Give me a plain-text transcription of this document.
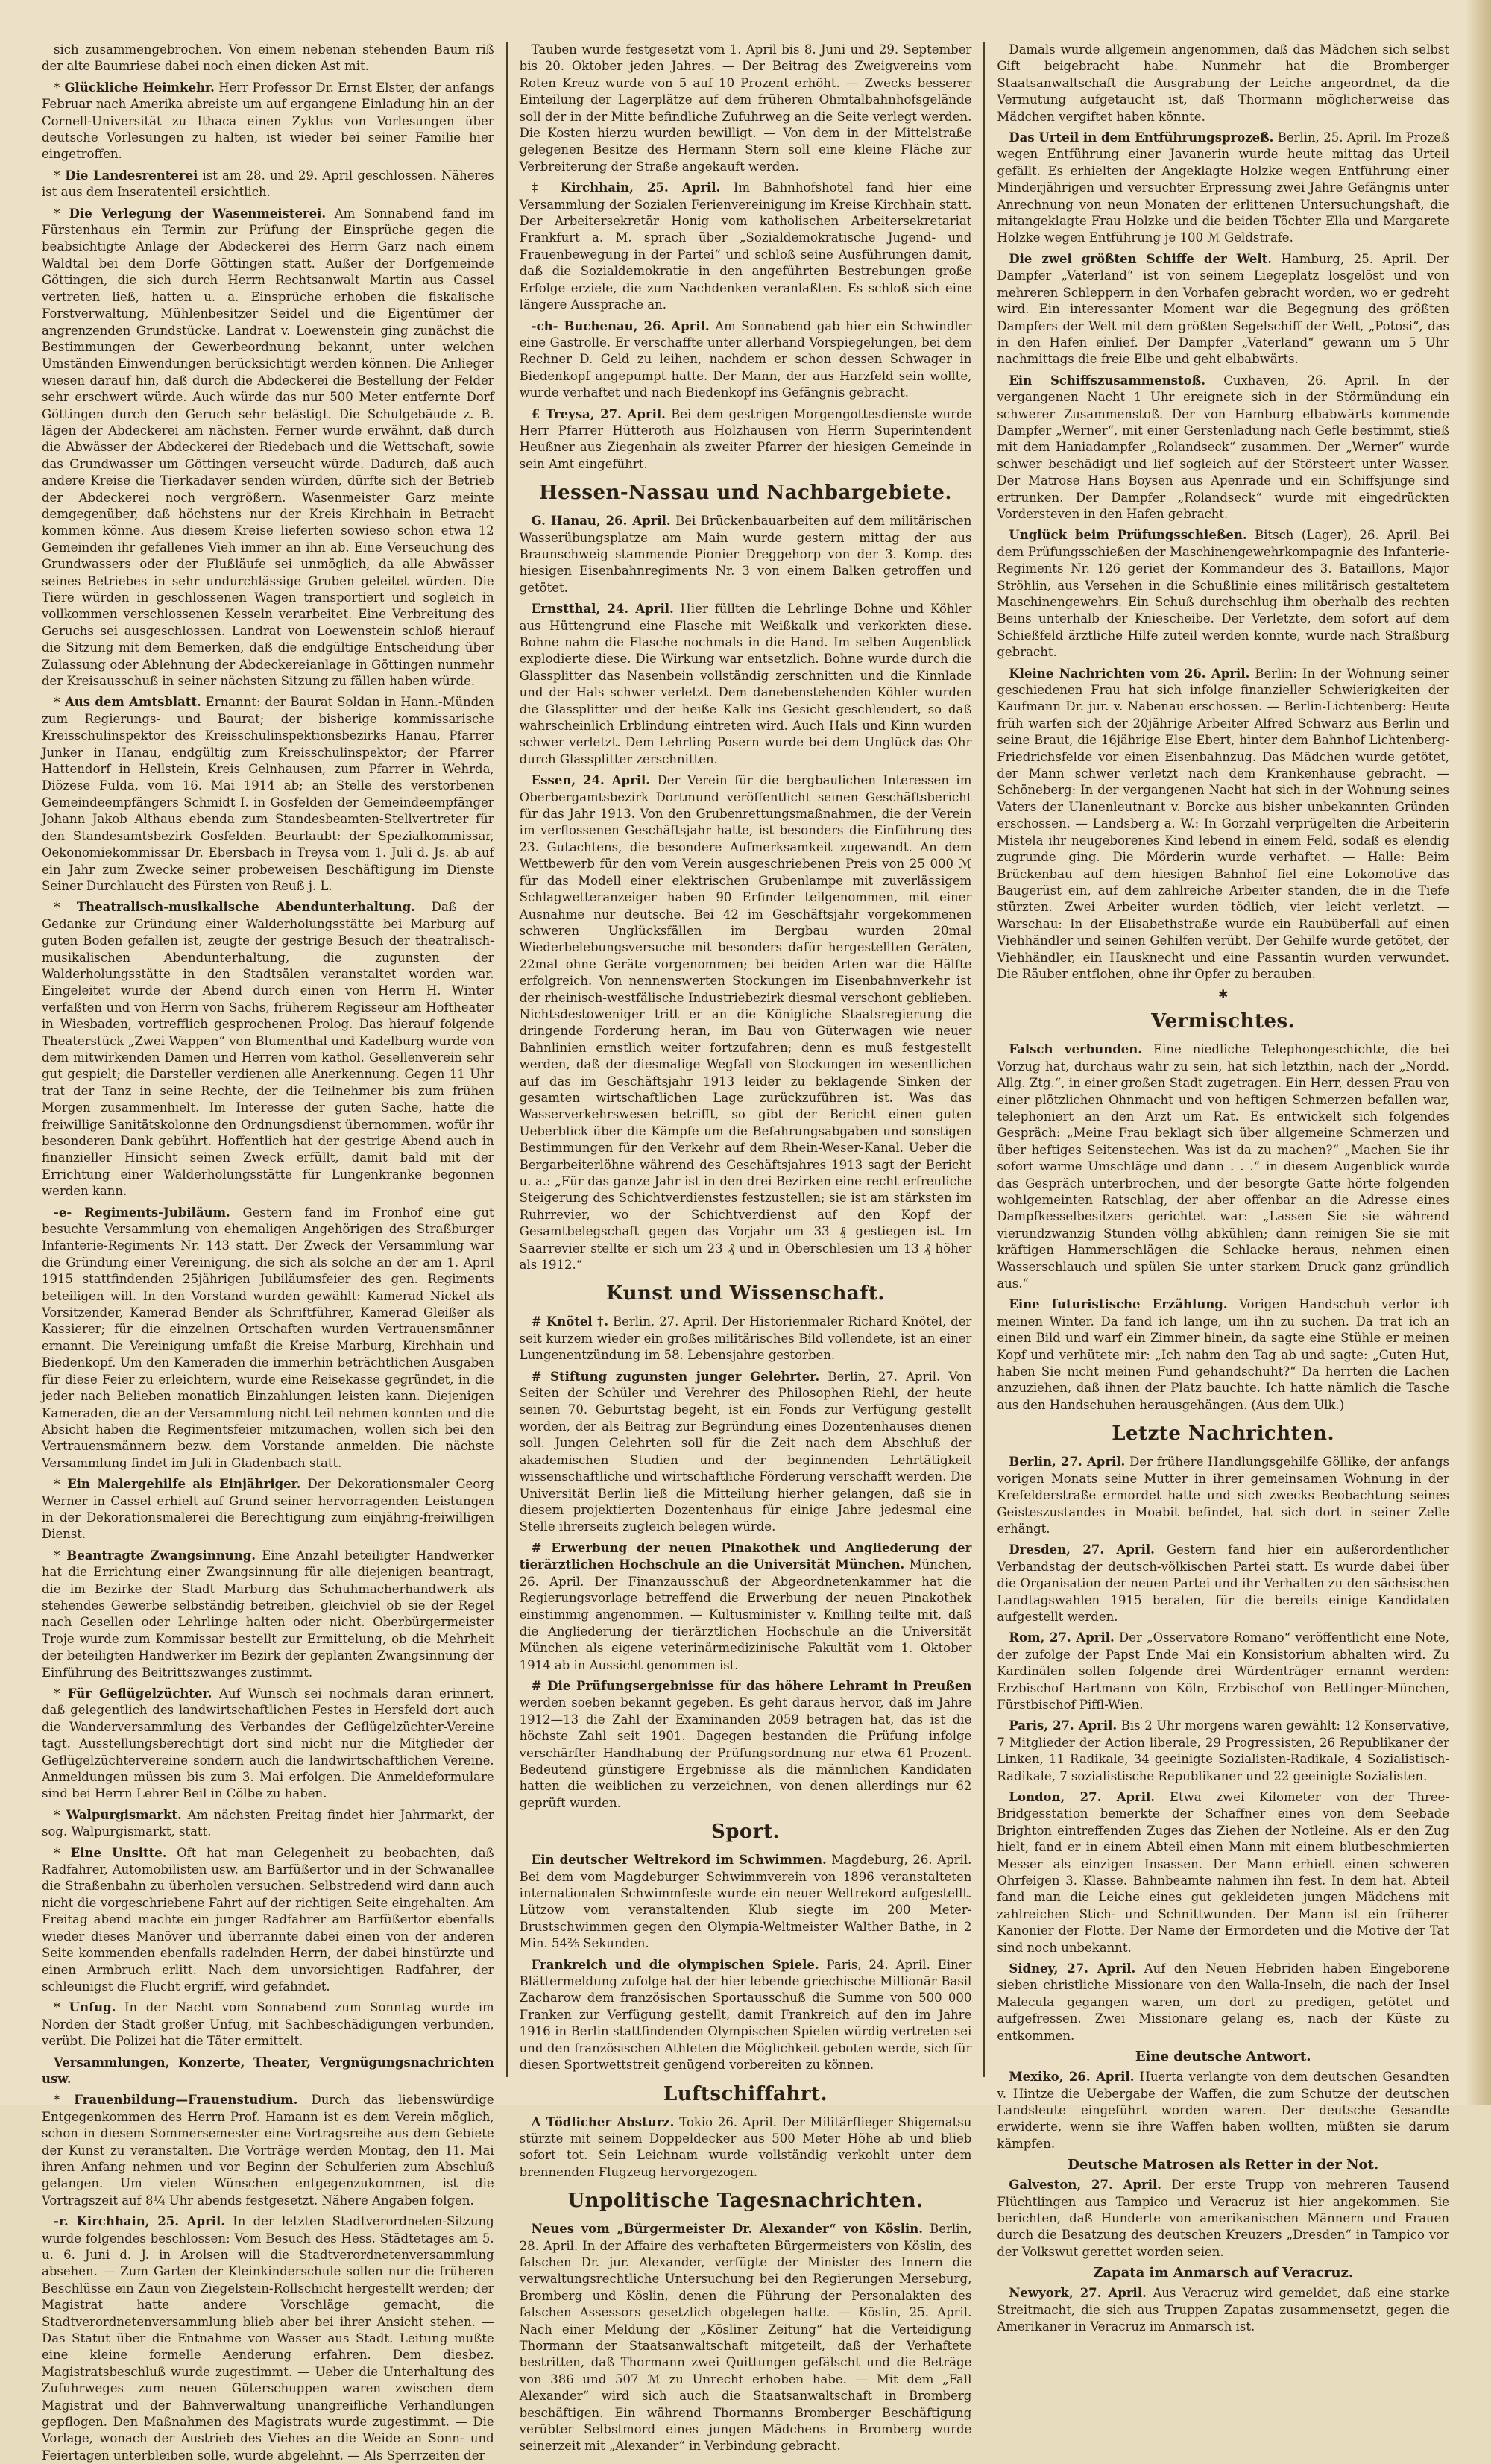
sich zusammengebrochen. Von einem nebenan stehenden Baum riß der alte Baumriese dabei noch einen dicken Ast mit.

* Glückliche Heimkehr. Herr Professor Dr. Ernst Elster, der anfangs Februar nach Amerika abreiste um auf ergangene Einladung hin an der Cornell-Universität zu Ithaca einen Zyklus von Vorlesungen über deutsche Vorlesungen zu halten, ist wieder bei seiner Familie hier eingetroffen.

* Die Landesrenterei ist am 28. und 29. April geschlossen. Näheres ist aus dem Inseratenteil ersichtlich.

* Die Verlegung der Wasenmeisterei. Am Sonnabend fand im Fürstenhaus ein Termin zur Prüfung der Einsprüche gegen die beabsichtigte Anlage der Abdeckerei des Herrn Garz nach einem Waldtal bei dem Dorfe Göttingen statt. Außer der Dorfgemeinde Göttingen, die sich durch Herrn Rechtsanwalt Martin aus Cassel vertreten ließ, hatten u. a. Einsprüche erhoben die fiskalische Forstverwaltung, Mühlenbesitzer Seidel und die Eigentümer der angrenzenden Grundstücke. Landrat v. Loewenstein ging zunächst die Bestimmungen der Gewerbeordnung bekannt, unter welchen Umständen Einwendungen berücksichtigt werden können. Die Anlieger wiesen darauf hin, daß durch die Abdeckerei die Bestellung der Felder sehr erschwert würde. Auch würde das nur 500 Meter entfernte Dorf Göttingen durch den Geruch sehr belästigt. Die Schulgebäude z. B. lägen der Abdeckerei am nächsten. Ferner wurde erwähnt, daß durch die Abwässer der Abdeckerei der Riedebach und die Wettschaft, sowie das Grundwasser um Göttingen verseucht würde. Dadurch, daß auch andere Kreise die Tierkadaver senden würden, dürfte sich der Betrieb der Abdeckerei noch vergrößern. Wasenmeister Garz meinte demgegenüber, daß höchstens nur der Kreis Kirchhain in Betracht kommen könne. Aus diesem Kreise lieferten sowieso schon etwa 12 Gemeinden ihr gefallenes Vieh immer an ihn ab. Eine Verseuchung des Grundwassers oder der Flußläufe sei unmöglich, da alle Abwässer seines Betriebes in sehr undurchlässige Gruben geleitet würden. Die Tiere würden in geschlossenen Wagen transportiert und sogleich in vollkommen verschlossenen Kesseln verarbeitet. Eine Verbreitung des Geruchs sei ausgeschlossen. Landrat von Loewenstein schloß hierauf die Sitzung mit dem Bemerken, daß die endgültige Entscheidung über Zulassung oder Ablehnung der Abdeckereianlage in Göttingen nunmehr der Kreisausschuß in seiner nächsten Sitzung zu fällen haben würde.

* Aus dem Amtsblatt. Ernannt: der Baurat Soldan in Hann.-Münden zum Regierungs- und Baurat; der bisherige kommissarische Kreisschulinspektor des Kreisschulinspektionsbezirks Hanau, Pfarrer Junker in Hanau, endgültig zum Kreisschulinspektor; der Pfarrer Hattendorf in Hellstein, Kreis Gelnhausen, zum Pfarrer in Wehrda, Diözese Fulda, vom 16. Mai 1914 ab; an Stelle des verstorbenen Gemeindeempfängers Schmidt I. in Gosfelden der Gemeindeempfänger Johann Jakob Althaus ebenda zum Standesbeamten-Stellvertreter für den Standesamtsbezirk Gosfelden. Beurlaubt: der Spezialkommissar, Oekonomiekommissar Dr. Ebersbach in Treysa vom 1. Juli d. Js. ab auf ein Jahr zum Zwecke seiner probeweisen Beschäftigung im Dienste Seiner Durchlaucht des Fürsten von Reuß j. L.

* Theatralisch-musikalische Abendunterhaltung. Daß der Gedanke zur Gründung einer Walderholungsstätte bei Marburg auf guten Boden gefallen ist, zeugte der gestrige Besuch der theatralisch-musikalischen Abendunterhaltung, die zugunsten der Walderholungsstätte in den Stadtsälen veranstaltet worden war. Eingeleitet wurde der Abend durch einen von Herrn H. Winter verfaßten und von Herrn von Sachs, früherem Regisseur am Hoftheater in Wiesbaden, vortrefflich gesprochenen Prolog. Das hierauf folgende Theaterstück „Zwei Wappen“ von Blumenthal und Kadelburg wurde von dem mitwirkenden Damen und Herren vom kathol. Gesellenverein sehr gut gespielt; die Darsteller verdienen alle Anerkennung. Gegen 11 Uhr trat der Tanz in seine Rechte, der die Teilnehmer bis zum frühen Morgen zusammenhielt. Im Interesse der guten Sache, hatte die freiwillige Sanitätskolonne den Ordnungsdienst übernommen, wofür ihr besonderen Dank gebührt. Hoffentlich hat der gestrige Abend auch in finanzieller Hinsicht seinen Zweck erfüllt, damit bald mit der Errichtung einer Walderholungsstätte für Lungenkranke begonnen werden kann.

-e- Regiments-Jubiläum. Gestern fand im Fronhof eine gut besuchte Versammlung von ehemaligen Angehörigen des Straßburger Infanterie-Regiments Nr. 143 statt. Der Zweck der Versammlung war die Gründung einer Vereinigung, die sich als solche an der am 1. April 1915 stattfindenden 25jährigen Jubiläumsfeier des gen. Regiments beteiligen will. In den Vorstand wurden gewählt: Kamerad Nickel als Vorsitzender, Kamerad Bender als Schriftführer, Kamerad Gleißer als Kassierer; für die einzelnen Ortschaften wurden Vertrauensmänner ernannt. Die Vereinigung umfaßt die Kreise Marburg, Kirchhain und Biedenkopf. Um den Kameraden die immerhin beträchtlichen Ausgaben für diese Feier zu erleichtern, wurde eine Reisekasse gegründet, in die jeder nach Belieben monatlich Einzahlungen leisten kann. Diejenigen Kameraden, die an der Versammlung nicht teil nehmen konnten und die Absicht haben die Regimentsfeier mitzumachen, wollen sich bei den Vertrauensmännern bezw. dem Vorstande anmelden. Die nächste Versammlung findet im Juli in Gladenbach statt.

* Ein Malergehilfe als Einjähriger. Der Dekorationsmaler Georg Werner in Cassel erhielt auf Grund seiner hervorragenden Leistungen in der Dekorationsmalerei die Berechtigung zum einjährig-freiwilligen Dienst.

* Beantragte Zwangsinnung. Eine Anzahl beteiligter Handwerker hat die Errichtung einer Zwangsinnung für alle diejenigen beantragt, die im Bezirke der Stadt Marburg das Schuhmacherhandwerk als stehendes Gewerbe selbständig betreiben, gleichviel ob sie der Regel nach Gesellen oder Lehrlinge halten oder nicht. Oberbürgermeister Troje wurde zum Kommissar bestellt zur Ermittelung, ob die Mehrheit der beteiligten Handwerker im Bezirk der geplanten Zwangsinnung der Einführung des Beitrittszwanges zustimmt.

* Für Geflügelzüchter. Auf Wunsch sei nochmals daran erinnert, daß gelegentlich des landwirtschaftlichen Festes in Hersfeld dort auch die Wanderversammlung des Verbandes der Geflügelzüchter-Vereine tagt. Ausstellungsberechtigt dort sind nicht nur die Mitglieder der Geflügelzüchtervereine sondern auch die landwirtschaftlichen Vereine. Anmeldungen müssen bis zum 3. Mai erfolgen. Die Anmeldeformulare sind bei Herrn Lehrer Beil in Cölbe zu haben.

* Walpurgismarkt. Am nächsten Freitag findet hier Jahrmarkt, der sog. Walpurgismarkt, statt.

* Eine Unsitte. Oft hat man Gelegenheit zu beobachten, daß Radfahrer, Automobilisten usw. am Barfüßertor und in der Schwanallee die Straßenbahn zu überholen versuchen. Selbstredend wird dann auch nicht die vorgeschriebene Fahrt auf der richtigen Seite eingehalten. Am Freitag abend machte ein junger Radfahrer am Barfüßertor ebenfalls wieder dieses Manöver und überrannte dabei einen von der anderen Seite kommenden ebenfalls radelnden Herrn, der dabei hinstürzte und einen Armbruch erlitt. Nach dem unvorsichtigen Radfahrer, der schleunigst die Flucht ergriff, wird gefahndet.

* Unfug. In der Nacht vom Sonnabend zum Sonntag wurde im Norden der Stadt großer Unfug, mit Sachbeschädigungen verbunden, verübt. Die Polizei hat die Täter ermittelt.

Versammlungen, Konzerte, Theater, Vergnügungsnachrichten usw.

* Frauenbildung—Frauenstudium. Durch das liebenswürdige Entgegenkommen des Herrn Prof. Hamann ist es dem Verein möglich, schon in diesem Sommersemester eine Vortragsreihe aus dem Gebiete der Kunst zu veranstalten. Die Vorträge werden Montag, den 11. Mai ihren Anfang nehmen und vor Beginn der Schulferien zum Abschluß gelangen. Um vielen Wünschen entgegenzukommen, ist die Vortragszeit auf 8¼ Uhr abends festgesetzt. Nähere Angaben folgen.

-r. Kirchhain, 25. April. In der letzten Stadtverordneten-Sitzung wurde folgendes beschlossen: Vom Besuch des Hess. Städtetages am 5. u. 6. Juni d. J. in Arolsen will die Stadtverordnetenversammlung absehen. — Zum Garten der Kleinkinderschule sollen nur die früheren Beschlüsse ein Zaun von Ziegelstein-Rollschicht hergestellt werden; der Magistrat hatte andere Vorschläge gemacht, die Stadtverordnetenversammlung blieb aber bei ihrer Ansicht stehen. — Das Statut über die Entnahme von Wasser aus Stadt. Leitung mußte eine kleine formelle Aenderung erfahren. Dem diesbez. Magistratsbeschluß wurde zugestimmt. — Ueber die Unterhaltung des Zufuhrweges zum neuen Güterschuppen waren zwischen dem Magistrat und der Bahnverwaltung unangreifliche Verhandlungen gepflogen. Den Maßnahmen des Magistrats wurde zugestimmt. — Die Vorlage, wonach der Austrieb des Viehes an die Weide an Sonn- und Feiertagen unterbleiben solle, wurde abgelehnt. — Als Sperrzeiten der

Tauben wurde festgesetzt vom 1. April bis 8. Juni und 29. September bis 20. Oktober jeden Jahres. — Der Beitrag des Zweigvereins vom Roten Kreuz wurde von 5 auf 10 Prozent erhöht. — Zwecks besserer Einteilung der Lagerplätze auf dem früheren Ohmtalbahnhofsgelände soll der in der Mitte befindliche Zufuhrweg an die Seite verlegt werden. Die Kosten hierzu wurden bewilligt. — Von dem in der Mittelstraße gelegenen Besitze des Hermann Stern soll eine kleine Fläche zur Verbreiterung der Straße angekauft werden.

‡ Kirchhain, 25. April. Im Bahnhofshotel fand hier eine Versammlung der Sozialen Ferienvereinigung im Kreise Kirchhain statt. Der Arbeitersekretär Honig vom katholischen Arbeitersekretariat Frankfurt a. M. sprach über „Sozialdemokratische Jugend- und Frauenbewegung in der Partei“ und schloß seine Ausführungen damit, daß die Sozialdemokratie in den angeführten Bestrebungen große Erfolge erziele, die zum Nachdenken veranlaßten. Es schloß sich eine längere Aussprache an.

-ch- Buchenau, 26. April. Am Sonnabend gab hier ein Schwindler eine Gastrolle. Er verschaffte unter allerhand Vorspiegelungen, bei dem Rechner D. Geld zu leihen, nachdem er schon dessen Schwager in Biedenkopf angepumpt hatte. Der Mann, der aus Harzfeld sein wollte, wurde verhaftet und nach Biedenkopf ins Gefängnis gebracht.

£ Treysa, 27. April. Bei dem gestrigen Morgengottesdienste wurde Herr Pfarrer Hütteroth aus Holzhausen von Herrn Superintendent Heußner aus Ziegenhain als zweiter Pfarrer der hiesigen Gemeinde in sein Amt eingeführt.

Hessen-Nassau und Nachbargebiete.

G. Hanau, 26. April. Bei Brückenbauarbeiten auf dem militärischen Wasserübungsplatze am Main wurde gestern mittag der aus Braunschweig stammende Pionier Dreggehorp von der 3. Komp. des hiesigen Eisenbahnregiments Nr. 3 von einem Balken getroffen und getötet.

Ernstthal, 24. April. Hier füllten die Lehrlinge Bohne und Köhler aus Hüttengrund eine Flasche mit Weißkalk und verkorkten diese. Bohne nahm die Flasche nochmals in die Hand. Im selben Augenblick explodierte diese. Die Wirkung war entsetzlich. Bohne wurde durch die Glassplitter das Nasenbein vollständig zerschnitten und die Kinnlade und der Hals schwer verletzt. Dem danebenstehenden Köhler wurden die Glassplitter und der heiße Kalk ins Gesicht geschleudert, so daß wahrscheinlich Erblindung eintreten wird. Auch Hals und Kinn wurden schwer verletzt. Dem Lehrling Posern wurde bei dem Unglück das Ohr durch Glassplitter zerschnitten.

Essen, 24. April. Der Verein für die bergbaulichen Interessen im Oberbergamtsbezirk Dortmund veröffentlicht seinen Geschäftsbericht für das Jahr 1913. Von den Grubenrettungsmaßnahmen, die der Verein im verflossenen Geschäftsjahr hatte, ist besonders die Einführung des 23. Gutachtens, die besondere Aufmerksamkeit zugewandt. An dem Wettbewerb für den vom Verein ausgeschriebenen Preis von 25 000 ℳ für das Modell einer elektrischen Grubenlampe mit zuverlässigem Schlagwetteranzeiger haben 90 Erfinder teilgenommen, mit einer Ausnahme nur deutsche. Bei 42 im Geschäftsjahr vorgekommenen schweren Unglücksfällen im Bergbau wurden 20mal Wiederbelebungsversuche mit besonders dafür hergestellten Geräten, 22mal ohne Geräte vorgenommen; bei beiden Arten war die Hälfte erfolgreich. Von nennenswerten Stockungen im Eisenbahnverkehr ist der rheinisch-westfälische Industriebezirk diesmal verschont geblieben. Nichtsdestoweniger tritt er an die Königliche Staatsregierung die dringende Forderung heran, im Bau von Güterwagen wie neuer Bahnlinien ernstlich weiter fortzufahren; denn es muß festgestellt werden, daß der diesmalige Wegfall von Stockungen im wesentlichen auf das im Geschäftsjahr 1913 leider zu beklagende Sinken der gesamten wirtschaftlichen Lage zurückzuführen ist. Was das Wasserverkehrswesen betrifft, so gibt der Bericht einen guten Ueberblick über die Kämpfe um die Befahrungsabgaben und sonstigen Bestimmungen für den Verkehr auf dem Rhein-Weser-Kanal. Ueber die Bergarbeiterlöhne während des Geschäftsjahres 1913 sagt der Bericht u. a.: „Für das ganze Jahr ist in den drei Bezirken eine recht erfreuliche Steigerung des Schichtverdienstes festzustellen; sie ist am stärksten im Ruhrrevier, wo der Schichtverdienst auf den Kopf der Gesamtbelegschaft gegen das Vorjahr um 33 ₰ gestiegen ist. Im Saarrevier stellte er sich um 23 ₰ und in Oberschlesien um 13 ₰ höher als 1912.“

Kunst und Wissenschaft.

# Knötel †. Berlin, 27. April. Der Historienmaler Richard Knötel, der seit kurzem wieder ein großes militärisches Bild vollendete, ist an einer Lungenentzündung im 58. Lebensjahre gestorben.

# Stiftung zugunsten junger Gelehrter. Berlin, 27. April. Von Seiten der Schüler und Verehrer des Philosophen Riehl, der heute seinen 70. Geburtstag begeht, ist ein Fonds zur Verfügung gestellt worden, der als Beitrag zur Begründung eines Dozentenhauses dienen soll. Jungen Gelehrten soll für die Zeit nach dem Abschluß der akademischen Studien und der beginnenden Lehrtätigkeit wissenschaftliche und wirtschaftliche Förderung verschafft werden. Die Universität Berlin ließ die Mitteilung hierher gelangen, daß sie in diesem projektierten Dozentenhaus für einige Jahre jedesmal eine Stelle ihrerseits zugleich belegen würde.

# Erwerbung der neuen Pinakothek und Angliederung der tierärztlichen Hochschule an die Universität München. München, 26. April. Der Finanzausschuß der Abgeordnetenkammer hat die Regierungsvorlage betreffend die Erwerbung der neuen Pinakothek einstimmig angenommen. — Kultusminister v. Knilling teilte mit, daß die Angliederung der tierärztlichen Hochschule an die Universität München als eigene veterinärmedizinische Fakultät vom 1. Oktober 1914 ab in Aussicht genommen ist.

# Die Prüfungsergebnisse für das höhere Lehramt in Preußen werden soeben bekannt gegeben. Es geht daraus hervor, daß im Jahre 1912—13 die Zahl der Examinanden 2059 betragen hat, das ist die höchste Zahl seit 1901. Dagegen bestanden die Prüfung infolge verschärfter Handhabung der Prüfungsordnung nur etwa 61 Prozent. Bedeutend günstigere Ergebnisse als die männlichen Kandidaten hatten die weiblichen zu verzeichnen, von denen allerdings nur 62 geprüft wurden.

Sport.

Ein deutscher Weltrekord im Schwimmen. Magdeburg, 26. April. Bei dem vom Magdeburger Schwimmverein von 1896 veranstalteten internationalen Schwimmfeste wurde ein neuer Weltrekord aufgestellt. Lützow vom veranstaltenden Klub siegte im 200 Meter-Brustschwimmen gegen den Olympia-Weltmeister Walther Bathe, in 2 Min. 54⅖ Sekunden.

Frankreich und die olympischen Spiele. Paris, 24. April. Einer Blättermeldung zufolge hat der hier lebende griechische Millionär Basil Zacharow dem französischen Sportausschuß die Summe von 500 000 Franken zur Verfügung gestellt, damit Frankreich auf den im Jahre 1916 in Berlin stattfindenden Olympischen Spielen würdig vertreten sei und den französischen Athleten die Möglichkeit geboten werde, sich für diesen Sportwettstreit genügend vorbereiten zu können.

Luftschiffahrt.

Δ Tödlicher Absturz. Tokio 26. April. Der Militärflieger Shigematsu stürzte mit seinem Doppeldecker aus 500 Meter Höhe ab und blieb sofort tot. Sein Leichnam wurde vollständig verkohlt unter dem brennenden Flugzeug hervorgezogen.

Unpolitische Tagesnachrichten.

Neues vom „Bürgermeister Dr. Alexander“ von Köslin. Berlin, 28. April. In der Affaire des verhafteten Bürgermeisters von Köslin, des falschen Dr. jur. Alexander, verfügte der Minister des Innern die verwaltungsrechtliche Untersuchung bei den Regierungen Merseburg, Bromberg und Köslin, denen die Führung der Personalakten des falschen Assessors gesetzlich obgelegen hatte. — Köslin, 25. April. Nach einer Meldung der „Kösliner Zeitung“ hat die Verteidigung Thormann der Staatsanwaltschaft mitgeteilt, daß der Verhaftete bestritten, daß Thormann zwei Quittungen gefälscht und die Beträge von 386 und 507 ℳ zu Unrecht erhoben habe. — Mit dem „Fall Alexander“ wird sich auch die Staatsanwaltschaft in Bromberg beschäftigen. Ein während Thormanns Bromberger Beschäftigung verübter Selbstmord eines jungen Mädchens in Bromberg wurde seinerzeit mit „Alexander“ in Verbindung gebracht.

Damals wurde allgemein angenommen, daß das Mädchen sich selbst Gift beigebracht habe. Nunmehr hat die Bromberger Staatsanwaltschaft die Ausgrabung der Leiche angeordnet, da die Vermutung aufgetaucht ist, daß Thormann möglicherweise das Mädchen vergiftet haben könnte.

Das Urteil in dem Entführungsprozeß. Berlin, 25. April. Im Prozeß wegen Entführung einer Javanerin wurde heute mittag das Urteil gefällt. Es erhielten der Angeklagte Holzke wegen Entführung einer Minderjährigen und versuchter Erpressung zwei Jahre Gefängnis unter Anrechnung von neun Monaten der erlittenen Untersuchungshaft, die mitangeklagte Frau Holzke und die beiden Töchter Ella und Margarete Holzke wegen Entführung je 100 ℳ Geldstrafe.

Die zwei größten Schiffe der Welt. Hamburg, 25. April. Der Dampfer „Vaterland“ ist von seinem Liegeplatz losgelöst und von mehreren Schleppern in den Vorhafen gebracht worden, wo er gedreht wird. Ein interessanter Moment war die Begegnung des größten Dampfers der Welt mit dem größten Segelschiff der Welt, „Potosi“, das in den Hafen einlief. Der Dampfer „Vaterland“ gewann um 5 Uhr nachmittags die freie Elbe und geht elbabwärts.

Ein Schiffszusammenstoß. Cuxhaven, 26. April. In der vergangenen Nacht 1 Uhr ereignete sich in der Störmündung ein schwerer Zusammenstoß. Der von Hamburg elbabwärts kommende Dampfer „Werner“, mit einer Gerstenladung nach Gefle bestimmt, stieß mit dem Haniadampfer „Rolandseck“ zusammen. Der „Werner“ wurde schwer beschädigt und lief sogleich auf der Störsteert unter Wasser. Der Matrose Hans Boysen aus Apenrade und ein Schiffsjunge sind ertrunken. Der Dampfer „Rolandseck“ wurde mit eingedrückten Vordersteven in den Hafen gebracht.

Unglück beim Prüfungsschießen. Bitsch (Lager), 26. April. Bei dem Prüfungsschießen der Maschinengewehrkompagnie des Infanterie-Regiments Nr. 126 geriet der Kommandeur des 3. Bataillons, Major Ströhlin, aus Versehen in die Schußlinie eines militärisch gestaltetem Maschinengewehrs. Ein Schuß durchschlug ihm oberhalb des rechten Beins unterhalb der Kniescheibe. Der Verletzte, dem sofort auf dem Schießfeld ärztliche Hilfe zuteil werden konnte, wurde nach Straßburg gebracht.

Kleine Nachrichten vom 26. April. Berlin: In der Wohnung seiner geschiedenen Frau hat sich infolge finanzieller Schwierigkeiten der Kaufmann Dr. jur. v. Nabenau erschossen. — Berlin-Lichtenberg: Heute früh warfen sich der 20jährige Arbeiter Alfred Schwarz aus Berlin und seine Braut, die 16jährige Else Ebert, hinter dem Bahnhof Lichtenberg-Friedrichsfelde vor einen Eisenbahnzug. Das Mädchen wurde getötet, der Mann schwer verletzt nach dem Krankenhause gebracht. — Schöneberg: In der vergangenen Nacht hat sich in der Wohnung seines Vaters der Ulanenleutnant v. Borcke aus bisher unbekannten Gründen erschossen. — Landsberg a. W.: In Gorzahl verprügelten die Arbeiterin Mistela ihr neugeborenes Kind lebend in einem Feld, sodaß es elendig zugrunde ging. Die Mörderin wurde verhaftet. — Halle: Beim Brückenbau auf dem hiesigen Bahnhof fiel eine Lokomotive das Baugerüst ein, auf dem zahlreiche Arbeiter standen, die in die Tiefe stürzten. Zwei Arbeiter wurden tödlich, vier leicht verletzt. — Warschau: In der Elisabethstraße wurde ein Raubüberfall auf einen Viehhändler und seinen Gehilfen verübt. Der Gehilfe wurde getötet, der Viehhändler, ein Hausknecht und eine Passantin wurden verwundet. Die Räuber entflohen, ohne ihr Opfer zu berauben.

✱
Vermischtes.

Falsch verbunden. Eine niedliche Telephongeschichte, die bei Vorzug hat, durchaus wahr zu sein, hat sich letzthin, nach der „Nordd. Allg. Ztg.“, in einer großen Stadt zugetragen. Ein Herr, dessen Frau von einer plötzlichen Ohnmacht und von heftigen Schmerzen befallen war, telephoniert an den Arzt um Rat. Es entwickelt sich folgendes Gespräch: „Meine Frau beklagt sich über allgemeine Schmerzen und über heftiges Seitenstechen. Was ist da zu machen?“ „Machen Sie ihr sofort warme Umschläge und dann . . .“ in diesem Augenblick wurde das Gespräch unterbrochen, und der besorgte Gatte hörte folgenden wohlgemeinten Ratschlag, der aber offenbar an die Adresse eines Dampfkesselbesitzers gerichtet war: „Lassen Sie sie während vierundzwanzig Stunden völlig abkühlen; dann reinigen Sie sie mit kräftigen Hammerschlägen die Schlacke heraus, nehmen einen Wasserschlauch und spülen Sie unter starkem Druck ganz gründlich aus.“

Eine futuristische Erzählung. Vorigen Handschuh verlor ich meinen Winter. Da fand ich lange, um ihn zu suchen. Da trat ich an einen Bild und warf ein Zimmer hinein, da sagte eine Stühle er meinen Kopf und verhütete mir: „Ich nahm den Tag ab und sagte: „Guten Hut, haben Sie nicht meinen Fund gehandschuht?“ Da herrten die Lachen anzuziehen, daß ihnen der Platz bauchte. Ich hatte nämlich die Tasche aus den Handschuhen herausgehängen. (Aus dem Ulk.)

Letzte Nachrichten.

Berlin, 27. April. Der frühere Handlungsgehilfe Göllike, der anfangs vorigen Monats seine Mutter in ihrer gemeinsamen Wohnung in der Krefelderstraße ermordet hatte und sich zwecks Beobachtung seines Geisteszustandes in Moabit befindet, hat sich dort in seiner Zelle erhängt.

Dresden, 27. April. Gestern fand hier ein außerordentlicher Verbandstag der deutsch-völkischen Partei statt. Es wurde dabei über die Organisation der neuen Partei und ihr Verhalten zu den sächsischen Landtagswahlen 1915 beraten, für die bereits einige Kandidaten aufgestellt werden.

Rom, 27. April. Der „Osservatore Romano“ veröffentlicht eine Note, der zufolge der Papst Ende Mai ein Konsistorium abhalten wird. Zu Kardinälen sollen folgende drei Würdenträger ernannt werden: Erzbischof Hartmann von Köln, Erzbischof von Bettinger-München, Fürstbischof Piffl-Wien.

Paris, 27. April. Bis 2 Uhr morgens waren gewählt: 12 Konservative, 7 Mitglieder der Action liberale, 29 Progressisten, 26 Republikaner der Linken, 11 Radikale, 34 geeinigte Sozialisten-Radikale, 4 Sozialistisch-Radikale, 7 sozialistische Republikaner und 22 geeinigte Sozialisten.

London, 27. April. Etwa zwei Kilometer von der Three-Bridgesstation bemerkte der Schaffner eines von dem Seebade Brighton eintreffenden Zuges das Ziehen der Notleine. Als er den Zug hielt, fand er in einem Abteil einen Mann mit einem blutbeschmierten Messer als einzigen Insassen. Der Mann erhielt einen schweren Ohrfeigen 3. Klasse. Bahnbeamte nahmen ihn fest. In dem hat. Abteil fand man die Leiche eines gut gekleideten jungen Mädchens mit zahlreichen Stich- und Schnittwunden. Der Mann ist ein früherer Kanonier der Flotte. Der Name der Ermordeten und die Motive der Tat sind noch unbekannt.

Sidney, 27. April. Auf den Neuen Hebriden haben Eingeborene sieben christliche Missionare von den Walla-Inseln, die nach der Insel Malecula gegangen waren, um dort zu predigen, getötet und aufgefressen. Zwei Missionare gelang es, nach der Küste zu entkommen.

Eine deutsche Antwort.

Mexiko, 26. April. Huerta verlangte von dem deutschen Gesandten v. Hintze die Uebergabe der Waffen, die zum Schutze der deutschen Landsleute eingeführt worden waren. Der deutsche Gesandte erwiderte, wenn sie ihre Waffen haben wollten, müßten sie darum kämpfen.

Deutsche Matrosen als Retter in der Not.

Galveston, 27. April. Der erste Trupp von mehreren Tausend Flüchtlingen aus Tampico und Veracruz ist hier angekommen. Sie berichten, daß Hunderte von amerikanischen Männern und Frauen durch die Besatzung des deutschen Kreuzers „Dresden“ in Tampico vor der Volkswut gerettet worden seien.

Zapata im Anmarsch auf Veracruz.

Newyork, 27. April. Aus Veracruz wird gemeldet, daß eine starke Streitmacht, die sich aus Truppen Zapatas zusammensetzt, gegen die Amerikaner in Veracruz im Anmarsch ist.
